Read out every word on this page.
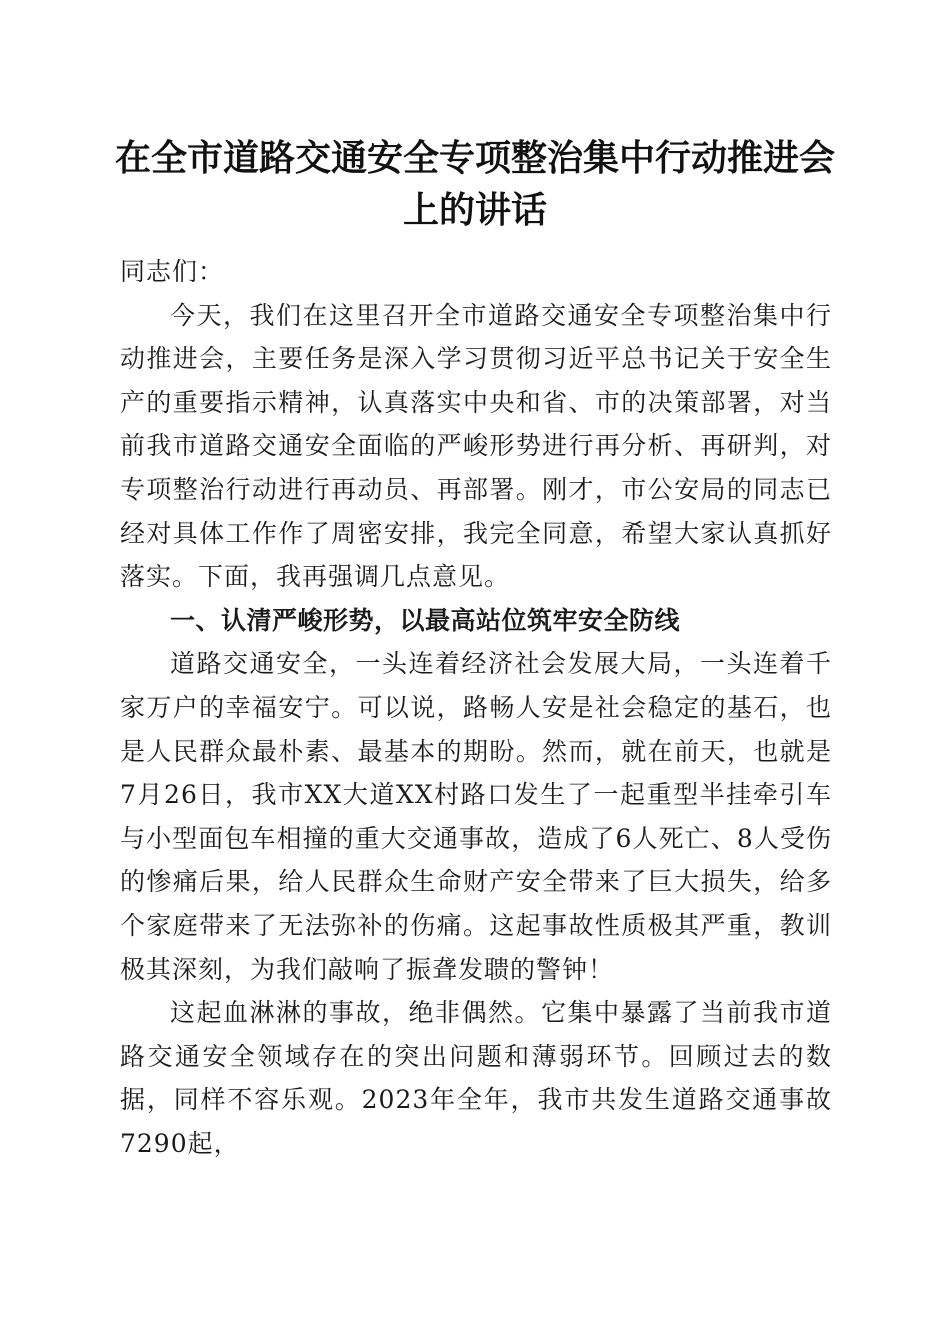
在全市道路交通安全专项整治集中行动推进会上的讲话

同志们：

今天，我们在这里召开全市道路交通安全专项整治集中行动推进会，主要任务是深入学习贯彻习近平总书记关于安全生产的重要指示精神，认真落实中央和省、市的决策部署，对当前我市道路交通安全面临的严峻形势进行再分析、再研判，对专项整治行动进行再动员、再部署。刚才，市公安局的同志已经对具体工作作了周密安排，我完全同意，希望大家认真抓好落实。下面，我再强调几点意见。

一、认清严峻形势，以最高站位筑牢安全防线

道路交通安全，一头连着经济社会发展大局，一头连着千家万户的幸福安宁。可以说，路畅人安是社会稳定的基石，也是人民群众最朴素、最基本的期盼。然而，就在前天，也就是7月26日，我市XX大道XX村路口发生了一起重型半挂牵引车与小型面包车相撞的重大交通事故，造成了6人死亡、8人受伤的惨痛后果，给人民群众生命财产安全带来了巨大损失，给多个家庭带来了无法弥补的伤痛。这起事故性质极其严重，教训极其深刻，为我们敲响了振聋发聩的警钟！

这起血淋淋的事故，绝非偶然。它集中暴露了当前我市道路交通安全领域存在的突出问题和薄弱环节。回顾过去的数据，同样不容乐观。2023年全年，我市共发生道路交通事故7290起，
